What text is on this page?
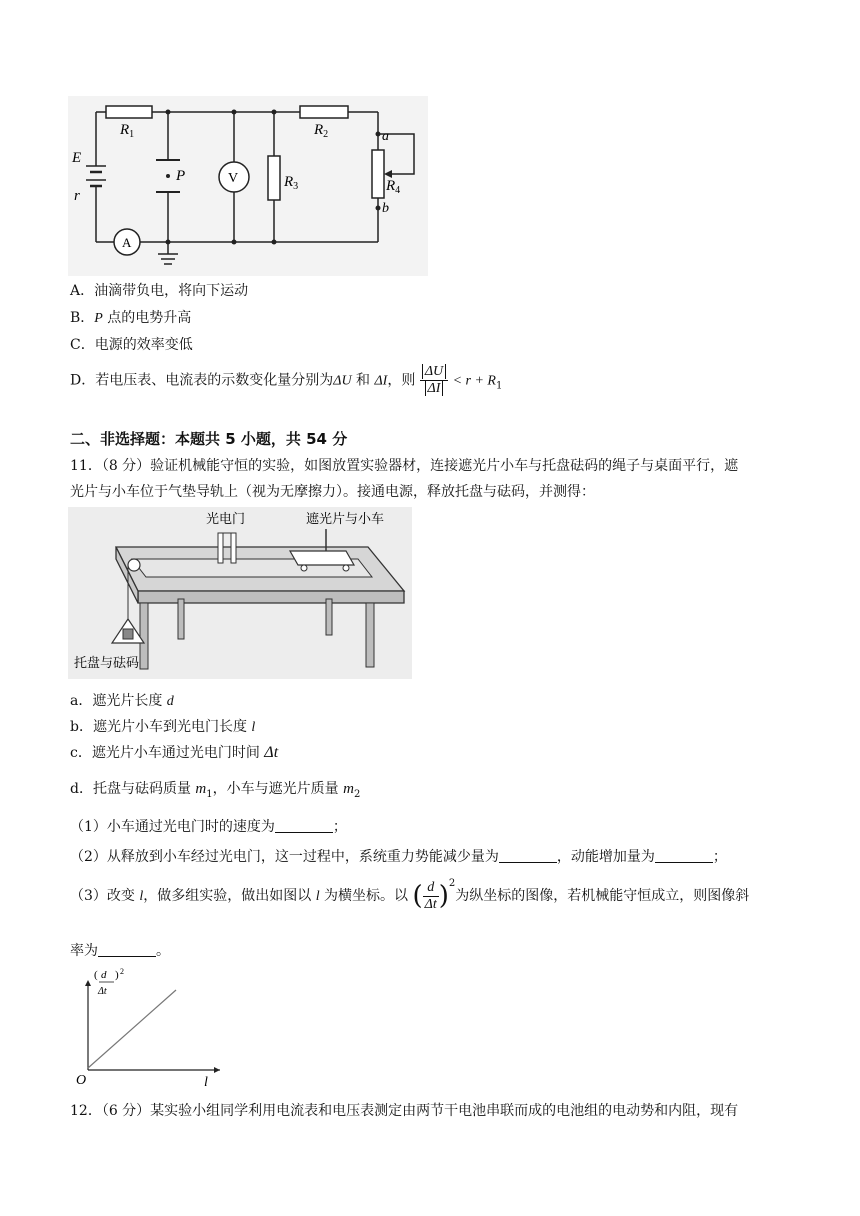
$R_1$	$R_2$
$R_3$	$R_4$
E
r
P	V
A
a
b
A．油滴带负电，将向下运动
B．P 点的电势升高
C．电源的效率变低
D．若电压表、电流表的示数变化量分别为ΔU 和 ΔI，则 $\frac{\Delta U}{\Delta I} < r + R_1$
二、非选择题：本题共 5 小题，共 54 分
11．（8 分）验证机械能守恒的实验，如图放置实验器材，连接遮光片小车与托盘砝码的绳子与桌面平行，遮
光片与小车位于气垫导轨上（视为无摩擦力）。接通电源，释放托盘与砝码，并测得：
光电门	遮光片与小车
托盘与砝码
a．遮光片长度 d
b．遮光片小车到光电门长度 l
c．遮光片小车通过光电门时间 Δt
d．托盘与砝码质量 $m_1$，小车与遮光片质量 $m_2$
（1）小车通过光电门时的速度为	；
（2）从释放到小车经过光电门，这一过程中，系统重力势能减少量为	，动能增加量为	；
（3）改变 l，做多组实验，做出如图以 l 为横坐标。以 ( $\frac{d}{\Delta t} )^2$为纵坐标的图像，若机械能守恒成立，则图像斜
率为	。
O	l
( d
Δt
) 2
12．（6 分）某实验小组同学利用电流表和电压表测定由两节干电池串联而成的电池组的电动势和内阻，现有
